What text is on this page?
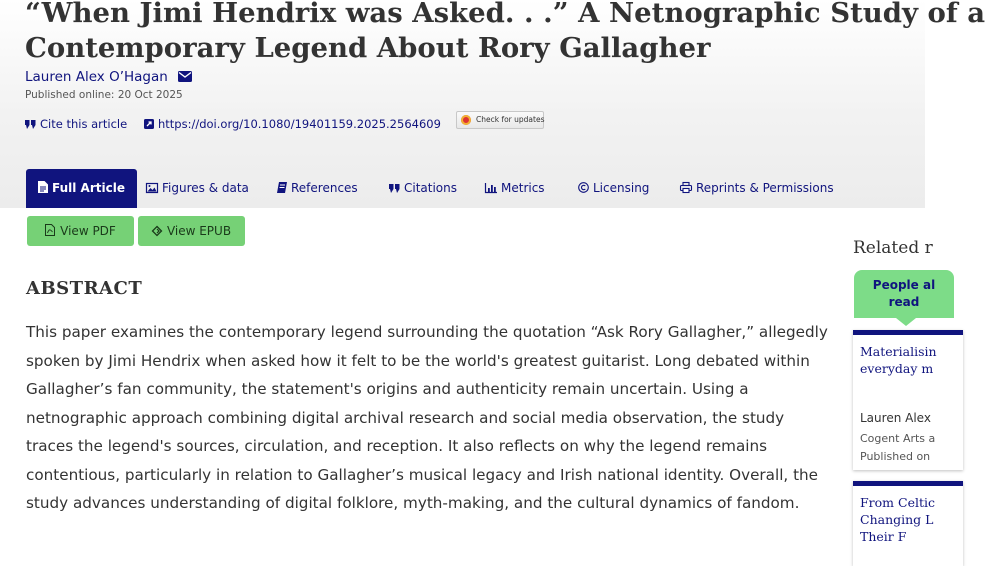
“When Jimi Hendrix was Asked. . .” A Netnographic Study of a
Contemporary Legend About Rory Gallagher
Lauren Alex O’Hagan
Published online: 20 Oct 2025
Cite this article	https://doi.org/10.1080/19401159.2025.2564609	Check for updates
Full Article	Figures & data	References	Citations	Metrics	Licensing	Reprints & Permissions
View PDF	View EPUB
ABSTRACT

This paper examines the contemporary legend surrounding the quotation “Ask Rory Gallagher,” allegedly spoken by Jimi Hendrix when asked how it felt to be the world's greatest guitarist. Long debated within Gallagher’s fan community, the statement's origins and authenticity remain uncertain. Using a netnographic approach combining digital archival research and social media observation, the study traces the legend's sources, circulation, and reception. It also reflects on why the legend remains contentious, particularly in relation to Gallagher’s musical legacy and Irish national identity. Overall, the study advances understanding of digital folklore, myth-making, and the cultural dynamics of fandom.

Related r
People al
read
Materialisin
everyday m
Lauren Alex
Cogent Arts a
Published on
From Celtic
Changing L
Their F
